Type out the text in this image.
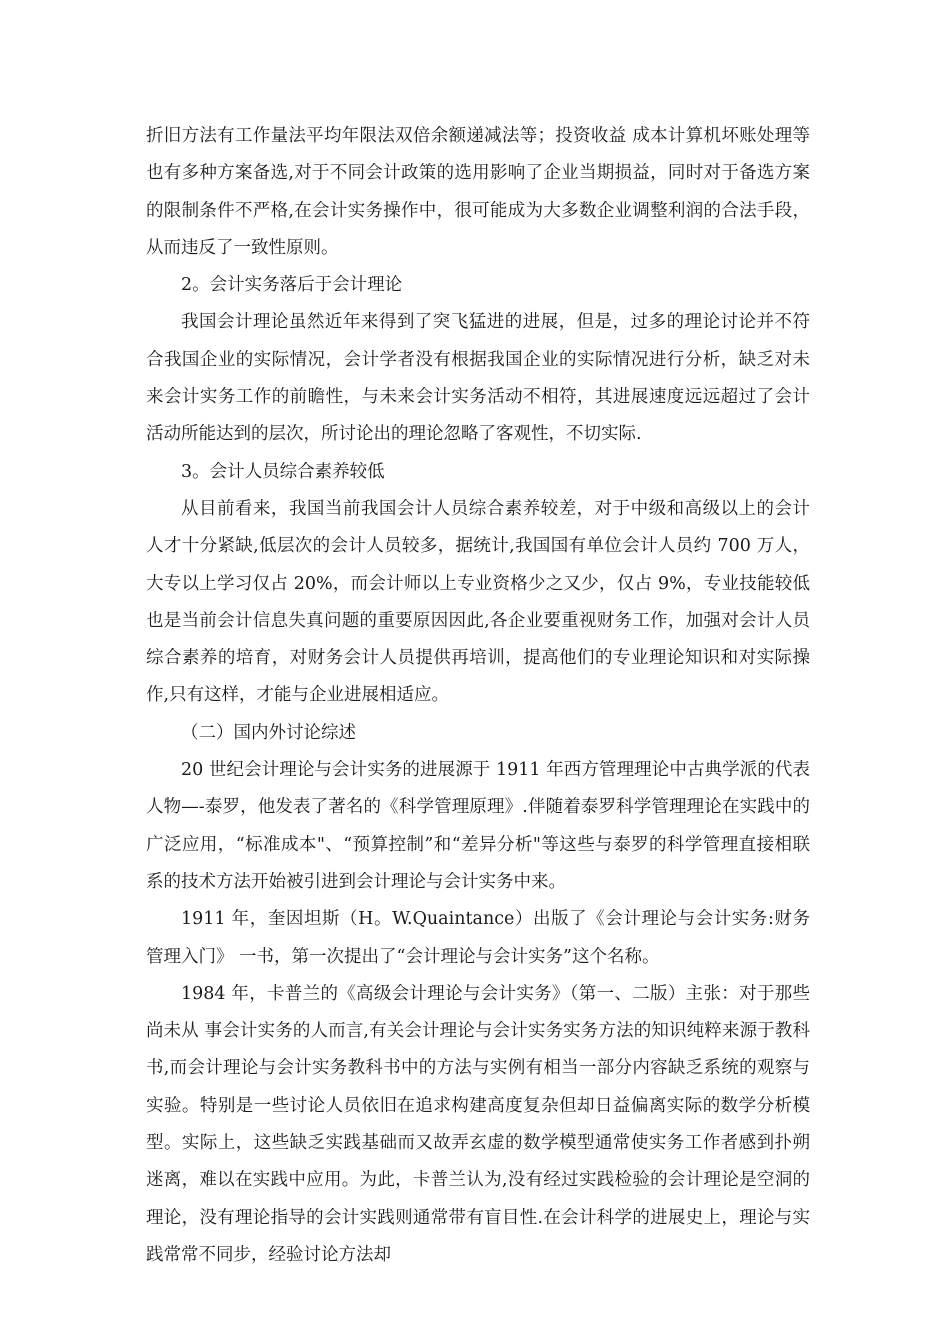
折旧方法有工作量法平均年限法双倍余额递减法等；投资收益 成本计算机坏账处理等也有多种方案备选,对于不同会计政策的选用影响了企业当期损益，同时对于备选方案的限制条件不严格,在会计实务操作中，很可能成为大多数企业调整利润的合法手段，从而违反了一致性原则。

2。会计实务落后于会计理论

我国会计理论虽然近年来得到了突飞猛进的进展，但是，过多的理论讨论并不符合我国企业的实际情况，会计学者没有根据我国企业的实际情况进行分析，缺乏对未来会计实务工作的前瞻性，与未来会计实务活动不相符，其进展速度远远超过了会计活动所能达到的层次，所讨论出的理论忽略了客观性，不切实际.

3。会计人员综合素养较低

从目前看来，我国当前我国会计人员综合素养较差，对于中级和高级以上的会计人才十分紧缺,低层次的会计人员较多，据统计,我国国有单位会计人员约 700 万人，大专以上学习仅占 20%，而会计师以上专业资格少之又少，仅占 9%，专业技能较低也是当前会计信息失真问题的重要原因因此,各企业要重视财务工作，加强对会计人员综合素养的培育，对财务会计人员提供再培训，提高他们的专业理论知识和对实际操作,只有这样，才能与企业进展相适应。

（二）国内外讨论综述

20 世纪会计理论与会计实务的进展源于 1911 年西方管理理论中古典学派的代表人物—-泰罗，他发表了著名的《科学管理原理》.伴随着泰罗科学管理理论在实践中的广泛应用，“标准成本"、“预算控制”和“差异分析"等这些与泰罗的科学管理直接相联系的技术方法开始被引进到会计理论与会计实务中来。

1911 年，奎因坦斯（H。W.Quaintance）出版了《会计理论与会计实务:财务管理入门》 一书，第一次提出了“会计理论与会计实务”这个名称。

1984 年，卡普兰的《高级会计理论与会计实务》（第一、二版）主张：对于那些尚未从 事会计实务的人而言,有关会计理论与会计实务实务方法的知识纯粹来源于教科书,而会计理论与会计实务教科书中的方法与实例有相当一部分内容缺乏系统的观察与实验。特别是一些讨论人员依旧在追求构建高度复杂但却日益偏离实际的数学分析模型。实际上，这些缺乏实践基础而又故弄玄虚的数学模型通常使实务工作者感到扑朔迷离，难以在实践中应用。为此，卡普兰认为,没有经过实践检验的会计理论是空洞的理论，没有理论指导的会计实践则通常带有盲目性.在会计科学的进展史上，理论与实践常常不同步，经验讨论方法却
